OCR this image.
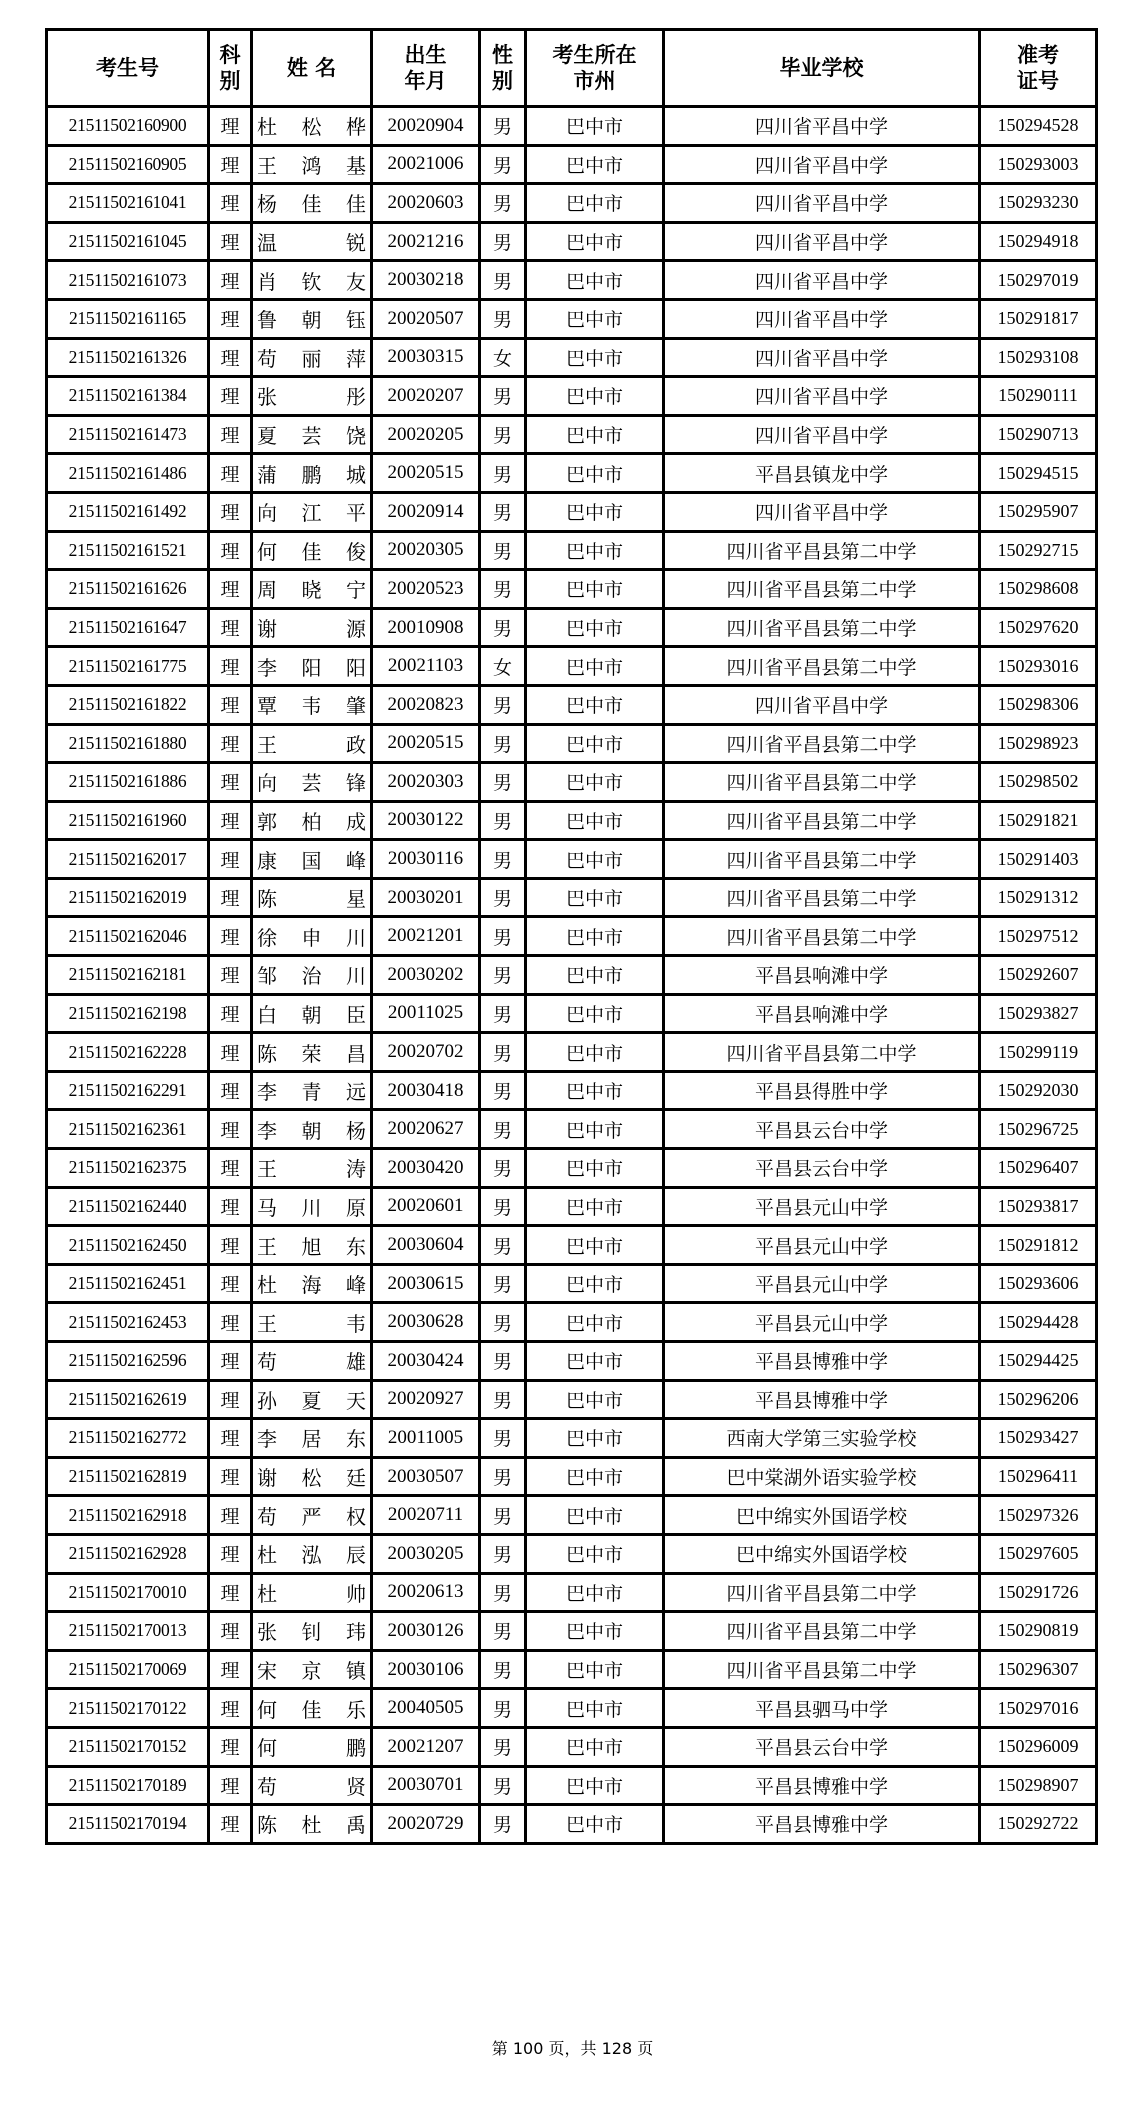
考生号	科别	姓 名	出生年月	性别	考生所在市州	毕业学校	准考证号
21511502160900	理	杜松桦	20020904	男	巴中市	四川省平昌中学	150294528
21511502160905	理	王鸿基	20021006	男	巴中市	四川省平昌中学	150293003
21511502161041	理	杨佳佳	20020603	男	巴中市	四川省平昌中学	150293230
21511502161045	理	温锐	20021216	男	巴中市	四川省平昌中学	150294918
21511502161073	理	肖钦友	20030218	男	巴中市	四川省平昌中学	150297019
21511502161165	理	鲁朝钰	20020507	男	巴中市	四川省平昌中学	150291817
21511502161326	理	苟丽萍	20030315	女	巴中市	四川省平昌中学	150293108
21511502161384	理	张彤	20020207	男	巴中市	四川省平昌中学	150290111
21511502161473	理	夏芸饶	20020205	男	巴中市	四川省平昌中学	150290713
21511502161486	理	蒲鹏城	20020515	男	巴中市	平昌县镇龙中学	150294515
21511502161492	理	向江平	20020914	男	巴中市	四川省平昌中学	150295907
21511502161521	理	何佳俊	20020305	男	巴中市	四川省平昌县第二中学	150292715
21511502161626	理	周晓宁	20020523	男	巴中市	四川省平昌县第二中学	150298608
21511502161647	理	谢源	20010908	男	巴中市	四川省平昌县第二中学	150297620
21511502161775	理	李阳阳	20021103	女	巴中市	四川省平昌县第二中学	150293016
21511502161822	理	覃韦肇	20020823	男	巴中市	四川省平昌中学	150298306
21511502161880	理	王政	20020515	男	巴中市	四川省平昌县第二中学	150298923
21511502161886	理	向芸锋	20020303	男	巴中市	四川省平昌县第二中学	150298502
21511502161960	理	郭柏成	20030122	男	巴中市	四川省平昌县第二中学	150291821
21511502162017	理	康国峰	20030116	男	巴中市	四川省平昌县第二中学	150291403
21511502162019	理	陈星	20030201	男	巴中市	四川省平昌县第二中学	150291312
21511502162046	理	徐申川	20021201	男	巴中市	四川省平昌县第二中学	150297512
21511502162181	理	邹治川	20030202	男	巴中市	平昌县响滩中学	150292607
21511502162198	理	白朝臣	20011025	男	巴中市	平昌县响滩中学	150293827
21511502162228	理	陈荣昌	20020702	男	巴中市	四川省平昌县第二中学	150299119
21511502162291	理	李青远	20030418	男	巴中市	平昌县得胜中学	150292030
21511502162361	理	李朝杨	20020627	男	巴中市	平昌县云台中学	150296725
21511502162375	理	王涛	20030420	男	巴中市	平昌县云台中学	150296407
21511502162440	理	马川原	20020601	男	巴中市	平昌县元山中学	150293817
21511502162450	理	王旭东	20030604	男	巴中市	平昌县元山中学	150291812
21511502162451	理	杜海峰	20030615	男	巴中市	平昌县元山中学	150293606
21511502162453	理	王韦	20030628	男	巴中市	平昌县元山中学	150294428
21511502162596	理	苟雄	20030424	男	巴中市	平昌县博雅中学	150294425
21511502162619	理	孙夏天	20020927	男	巴中市	平昌县博雅中学	150296206
21511502162772	理	李居东	20011005	男	巴中市	西南大学第三实验学校	150293427
21511502162819	理	谢松廷	20030507	男	巴中市	巴中棠湖外语实验学校	150296411
21511502162918	理	苟严权	20020711	男	巴中市	巴中绵实外国语学校	150297326
21511502162928	理	杜泓辰	20030205	男	巴中市	巴中绵实外国语学校	150297605
21511502170010	理	杜帅	20020613	男	巴中市	四川省平昌县第二中学	150291726
21511502170013	理	张钊玮	20030126	男	巴中市	四川省平昌县第二中学	150290819
21511502170069	理	宋京镇	20030106	男	巴中市	四川省平昌县第二中学	150296307
21511502170122	理	何佳乐	20040505	男	巴中市	平昌县驷马中学	150297016
21511502170152	理	何鹏	20021207	男	巴中市	平昌县云台中学	150296009
21511502170189	理	苟贤	20030701	男	巴中市	平昌县博雅中学	150298907
21511502170194	理	陈杜禹	20020729	男	巴中市	平昌县博雅中学	150292722
第 100 页，共 128 页
